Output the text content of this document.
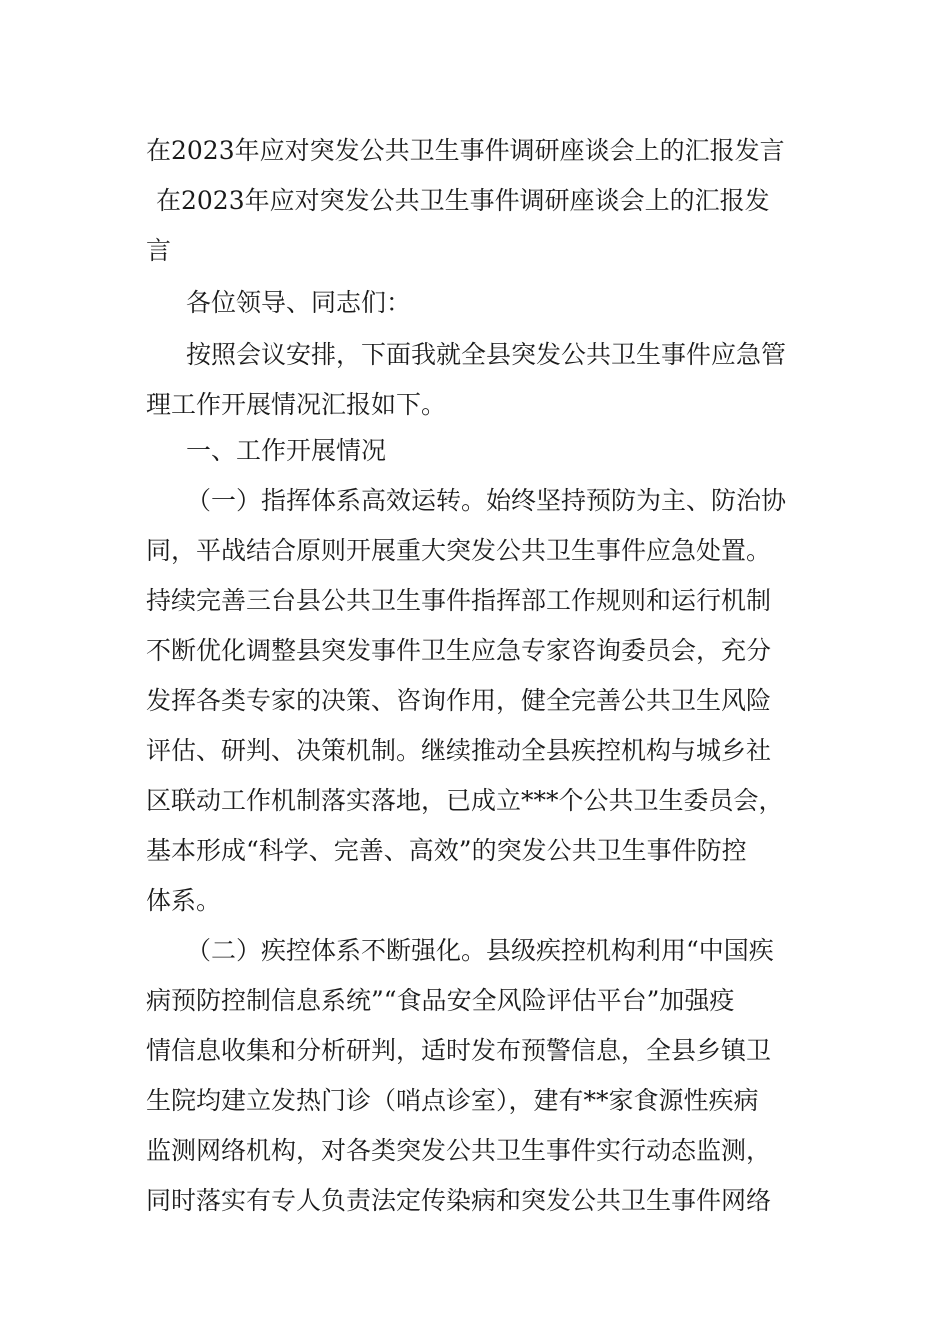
在2023年应对突发公共卫生事件调研座谈会上的汇报发言

在2023年应对突发公共卫生事件调研座谈会上的汇报发

言

各位领导、同志们：

按照会议安排，下面我就全县突发公共卫生事件应急管

理工作开展情况汇报如下。

一、工作开展情况

（一）指挥体系高效运转。始终坚持预防为主、防治协

同，平战结合原则开展重大突发公共卫生事件应急处置。

持续完善三台县公共卫生事件指挥部工作规则和运行机制

不断优化调整县突发事件卫生应急专家咨询委员会，充分

发挥各类专家的决策、咨询作用，健全完善公共卫生风险

评估、研判、决策机制。继续推动全县疾控机构与城乡社

区联动工作机制落实落地，已成立***个公共卫生委员会，

基本形成“科学、完善、高效”的突发公共卫生事件防控

体系。

（二）疾控体系不断强化。县级疾控机构利用“中国疾

病预防控制信息系统”“食品安全风险评估平台”加强疫

情信息收集和分析研判，适时发布预警信息，全县乡镇卫

生院均建立发热门诊（哨点诊室），建有**家食源性疾病

监测网络机构，对各类突发公共卫生事件实行动态监测，

同时落实有专人负责法定传染病和突发公共卫生事件网络
